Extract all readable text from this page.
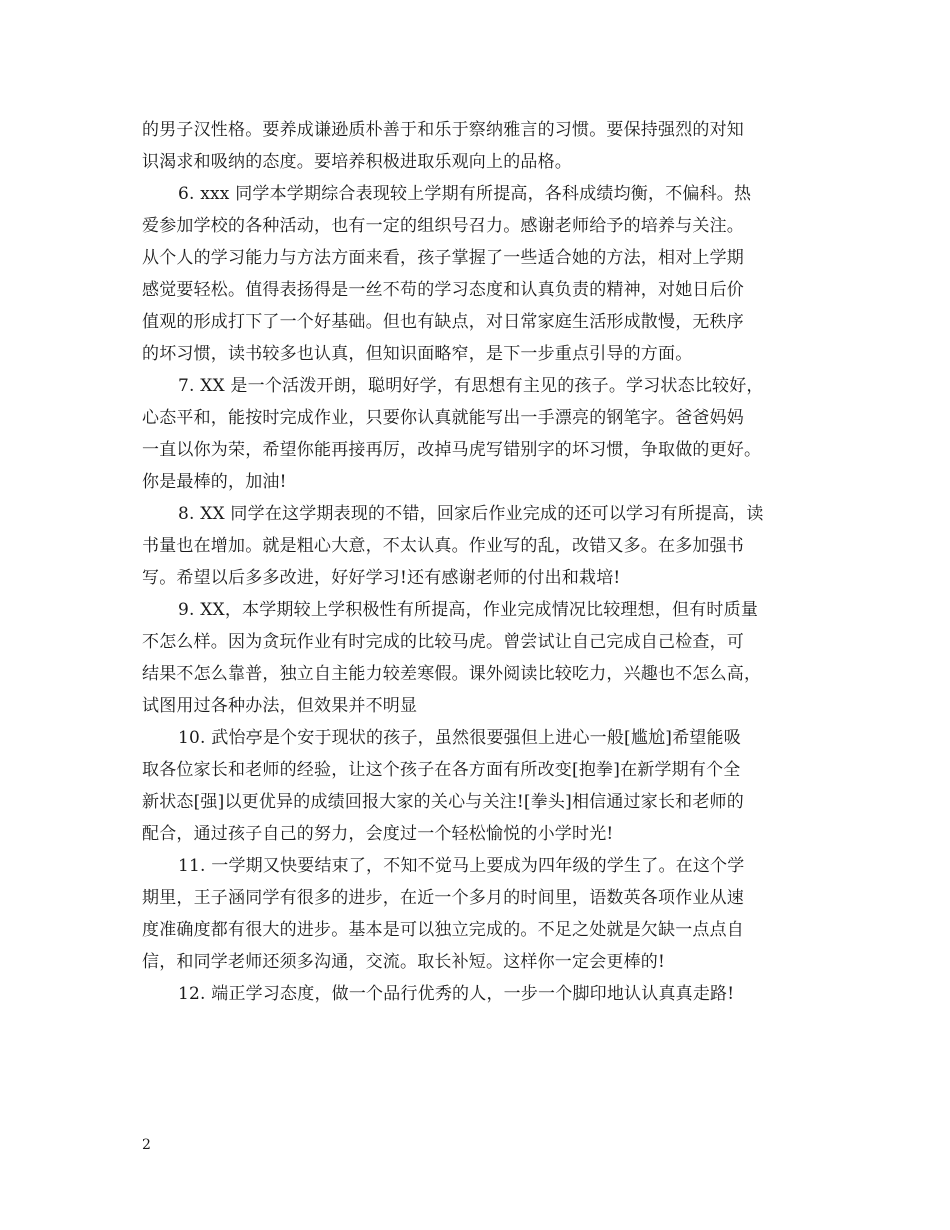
的男子汉性格。要养成谦逊质朴善于和乐于察纳雅言的习惯。要保持强烈的对知
识渴求和吸纳的态度。要培养积极进取乐观向上的品格。
6. xxx 同学本学期综合表现较上学期有所提高，各科成绩均衡，不偏科。热
爱参加学校的各种活动，也有一定的组织号召力。感谢老师给予的培养与关注。
从个人的学习能力与方法方面来看，孩子掌握了一些适合她的方法，相对上学期
感觉要轻松。值得表扬得是一丝不苟的学习态度和认真负责的精神，对她日后价
值观的形成打下了一个好基础。但也有缺点，对日常家庭生活形成散慢，无秩序
的坏习惯，读书较多也认真，但知识面略窄，是下一步重点引导的方面。
7. XX 是一个活泼开朗，聪明好学，有思想有主见的孩子。学习状态比较好，
心态平和，能按时完成作业，只要你认真就能写出一手漂亮的钢笔字。爸爸妈妈
一直以你为荣，希望你能再接再厉，改掉马虎写错别字的坏习惯，争取做的更好。
你是最棒的，加油!
8. XX 同学在这学期表现的不错，回家后作业完成的还可以学习有所提高，读
书量也在增加。就是粗心大意，不太认真。作业写的乱，改错又多。在多加强书
写。希望以后多多改进，好好学习!还有感谢老师的付出和栽培!
9. XX，本学期较上学积极性有所提高，作业完成情况比较理想，但有时质量
不怎么样。因为贪玩作业有时完成的比较马虎。曾尝试让自己完成自己检查，可
结果不怎么靠普，独立自主能力较差寒假。课外阅读比较吃力，兴趣也不怎么高，
试图用过各种办法，但效果并不明显
10. 武怡亭是个安于现状的孩子，虽然很要强但上进心一般[尴尬]希望能吸
取各位家长和老师的经验，让这个孩子在各方面有所改变[抱拳]在新学期有个全
新状态[强]以更优异的成绩回报大家的关心与关注![拳头]相信通过家长和老师的
配合，通过孩子自己的努力，会度过一个轻松愉悦的小学时光!
11. 一学期又快要结束了，不知不觉马上要成为四年级的学生了。在这个学
期里，王子涵同学有很多的进步，在近一个多月的时间里，语数英各项作业从速
度准确度都有很大的进步。基本是可以独立完成的。不足之处就是欠缺一点点自
信，和同学老师还须多沟通，交流。取长补短。这样你一定会更棒的!
12. 端正学习态度，做一个品行优秀的人，一步一个脚印地认认真真走路!
2
